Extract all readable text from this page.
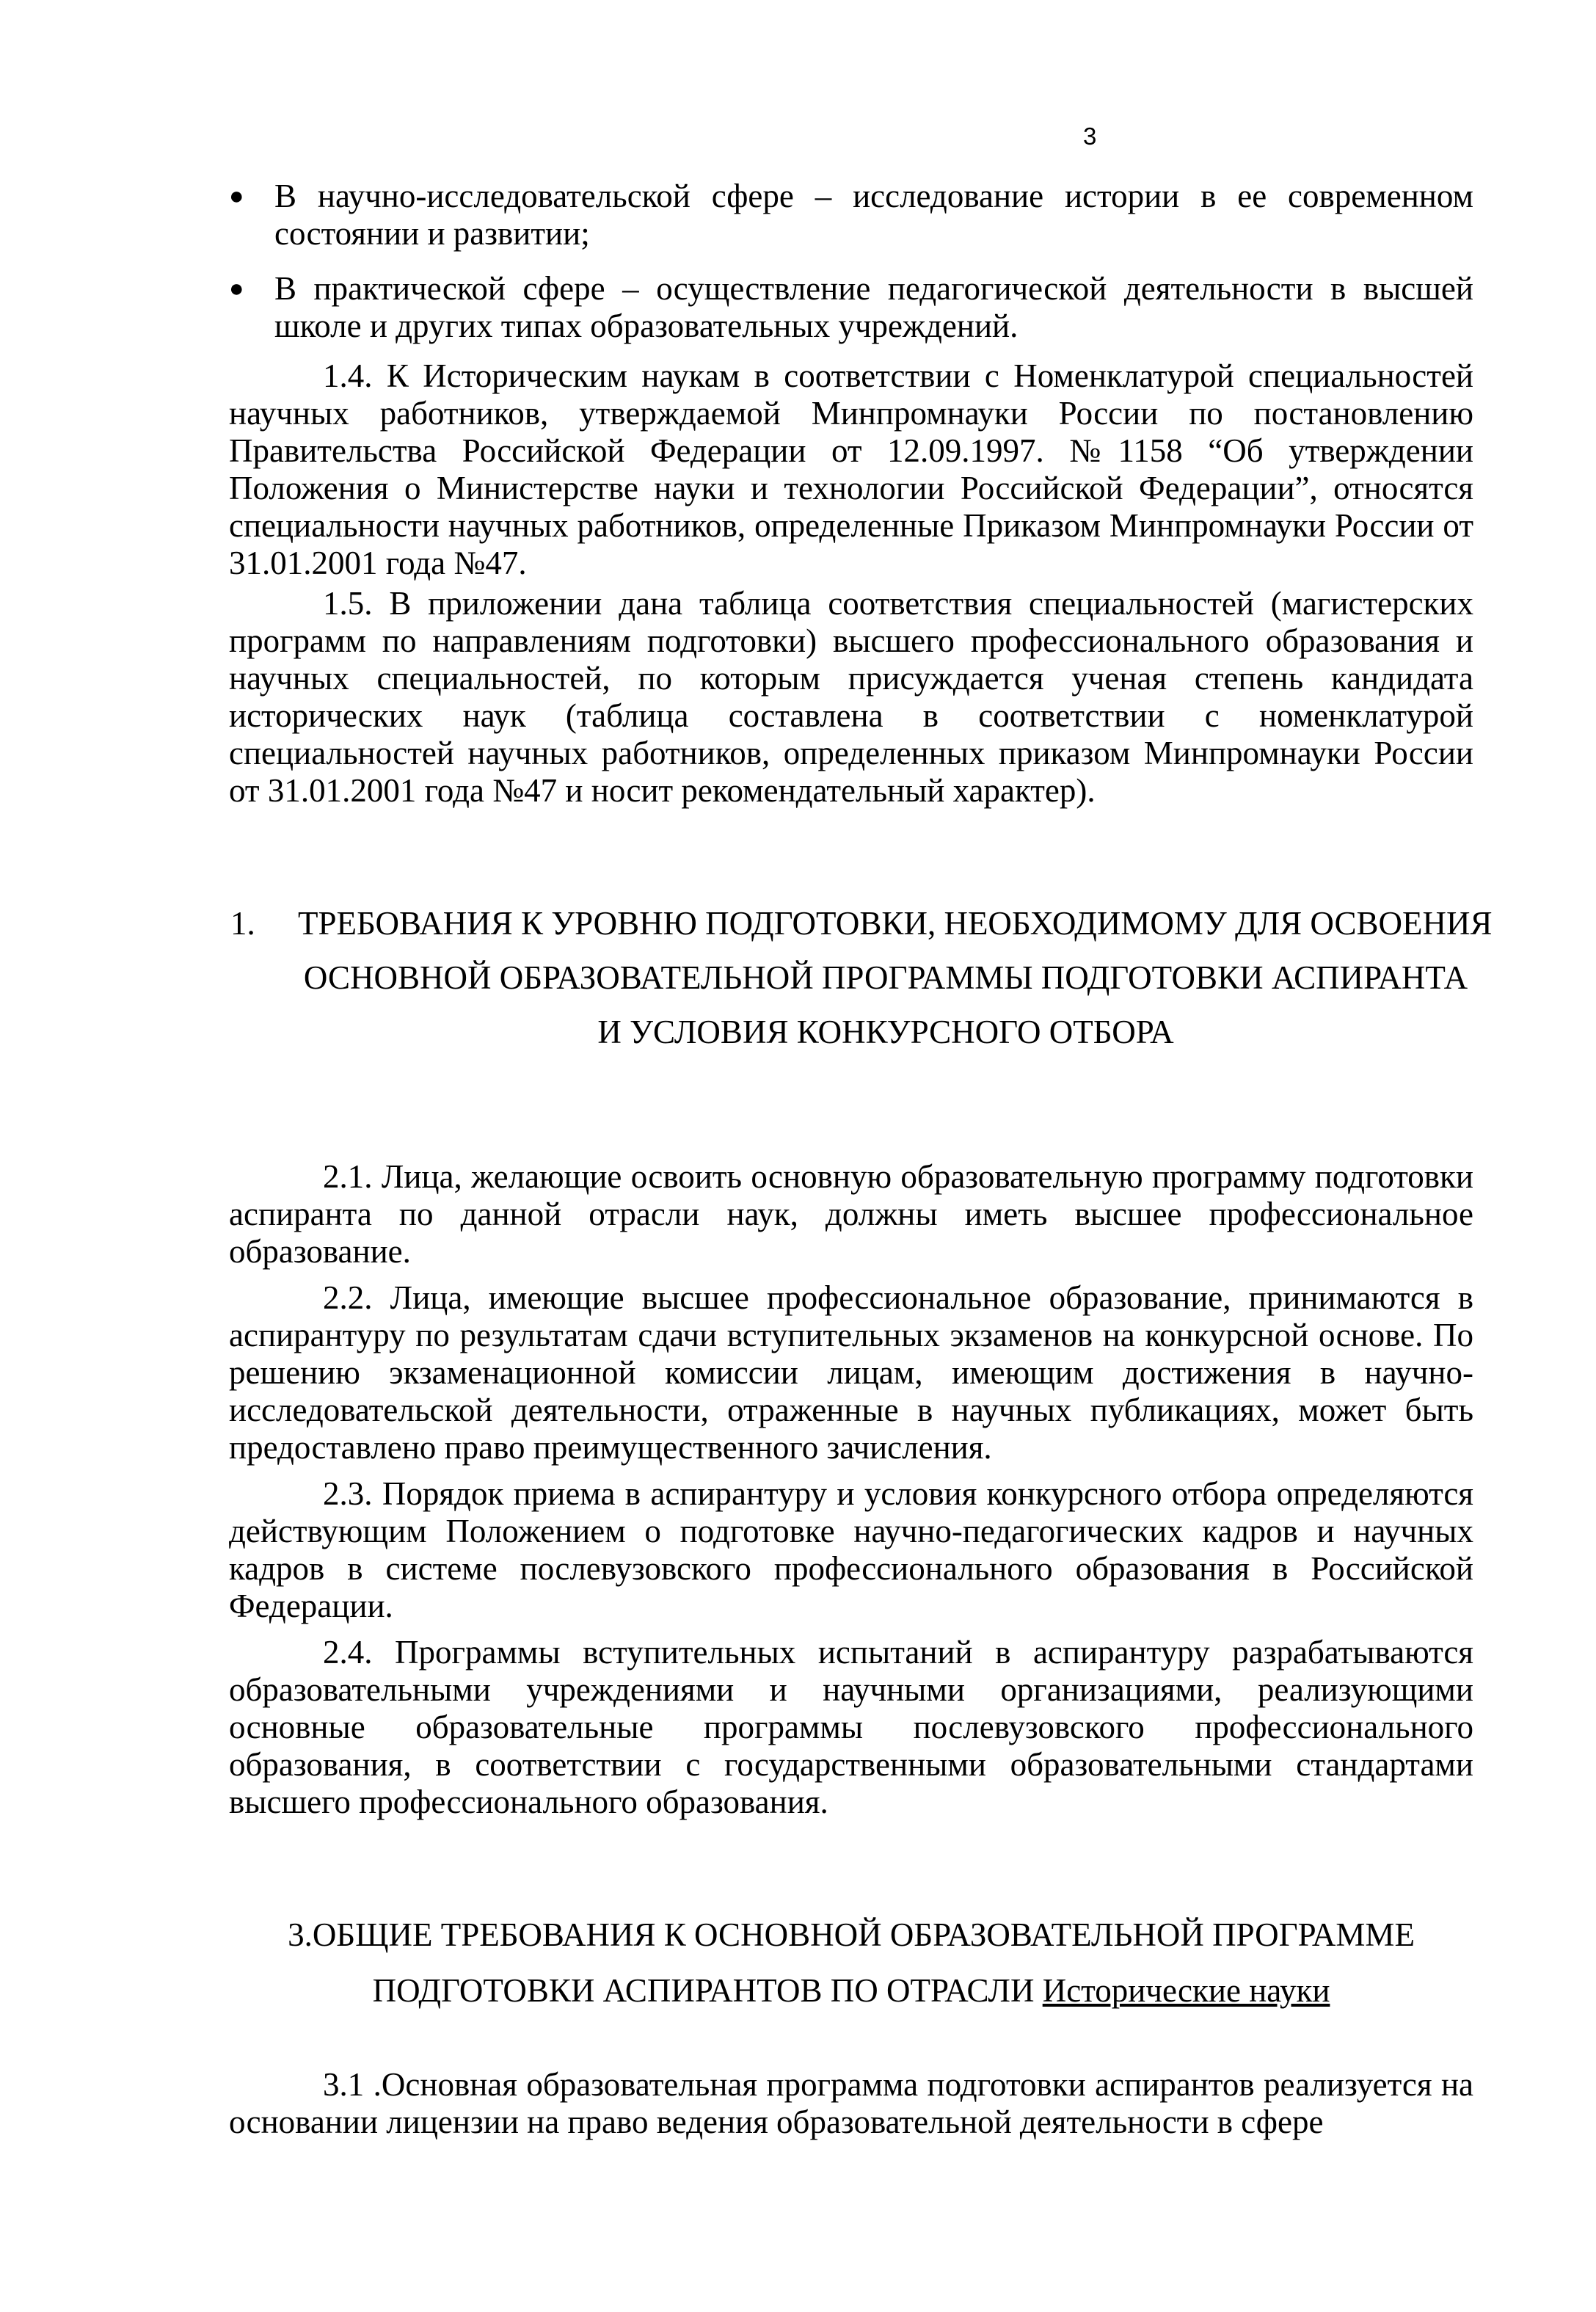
3
● В научно-исследовательской сфере – исследование истории в ее современном состоянии и развитии;
● В практической сфере – осуществление педагогической деятельности в высшей школе и других типах образовательных учреждений.

1.4. К Историческим наукам в соответствии с Номенклатурой специальностей научных работников, утверждаемой Минпромнауки России по постановлению Правительства Российской Федерации от 12.09.1997. №1158 “Об утверждении Положения о Министерстве науки и технологии Российской Федерации”, относятся специальности научных работников, определенные Приказом Минпромнауки России от 31.01.2001 года №47.

1.5. В приложении дана таблица соответствия специальностей (магистерских программ по направлениям подготовки) высшего профессионального образования и научных специальностей, по которым присуждается ученая степень кандидата исторических наук (таблица составлена в соответствии с номенклатурой специальностей научных работников, определенных приказом Минпромнауки России от 31.01.2001 года №47 и носит рекомендательный характер).

1. ТРЕБОВАНИЯ К УРОВНЮ ПОДГОТОВКИ, НЕОБХОДИМОМУ ДЛЯ ОСВОЕНИЯ
ОСНОВНОЙ ОБРАЗОВАТЕЛЬНОЙ ПРОГРАММЫ ПОДГОТОВКИ АСПИРАНТА
И УСЛОВИЯ КОНКУРСНОГО ОТБОРА

2.1. Лица, желающие освоить основную образовательную программу подготовки аспиранта по данной отрасли наук, должны иметь высшее профессиональное образование.

2.2. Лица, имеющие высшее профессиональное образование, принимаются в аспирантуру по результатам сдачи вступительных экзаменов на конкурсной основе. По решению экзаменационной комиссии лицам, имеющим достижения в научно-исследовательской деятельности, отраженные в научных публикациях, может быть предоставлено право преимущественного зачисления.

2.3. Порядок приема в аспирантуру и условия конкурсного отбора определяются действующим Положением о подготовке научно-педагогических кадров и научных кадров в системе послевузовского профессионального образования в Российской Федерации.

2.4. Программы вступительных испытаний в аспирантуру разрабатываются образовательными учреждениями и научными организациями, реализующими основные образовательные программы послевузовского профессионального образования, в соответствии с государственными образовательными стандартами высшего профессионального образования.

3.ОБЩИЕ ТРЕБОВАНИЯ К ОСНОВНОЙ ОБРАЗОВАТЕЛЬНОЙ ПРОГРАММЕ
ПОДГОТОВКИ АСПИРАНТОВ ПО ОТРАСЛИ Исторические науки

3.1 .Основная образовательная программа подготовки аспирантов реализуется на основании лицензии на право ведения образовательной деятельности в сфере
